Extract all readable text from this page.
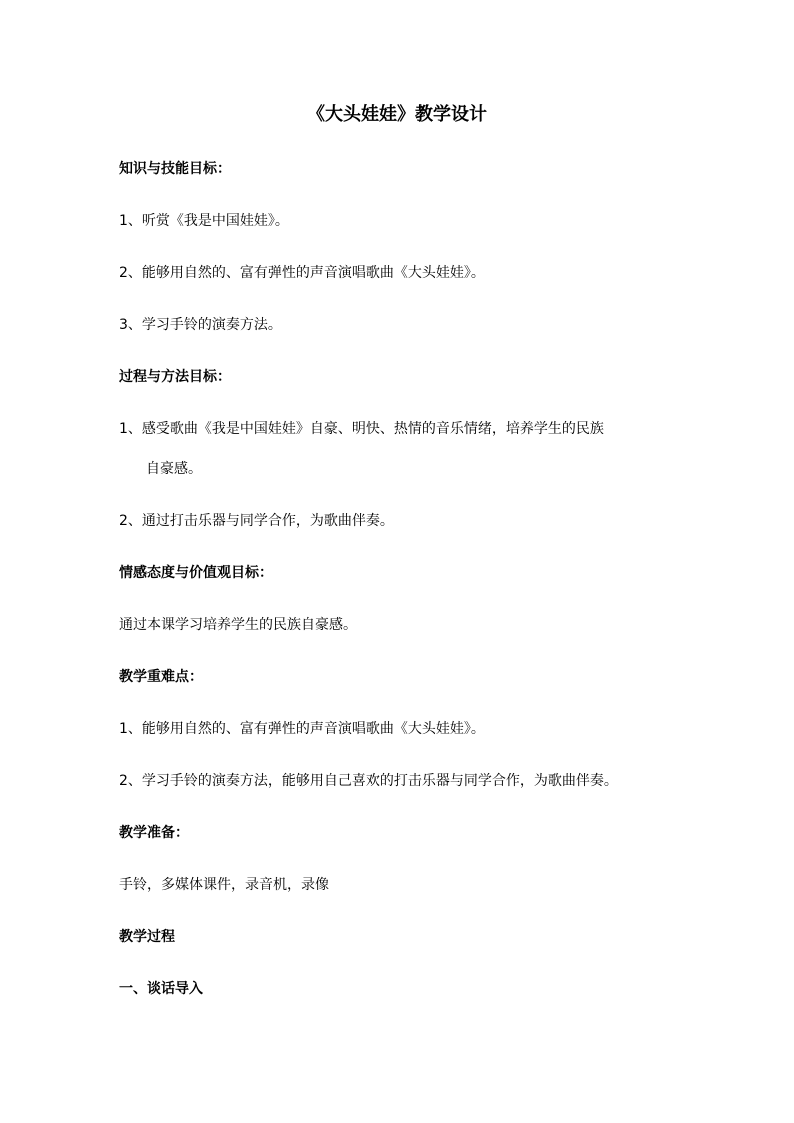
《大头娃娃》教学设计
知识与技能目标：
1、听赏《我是中国娃娃》。
2、能够用自然的、富有弹性的声音演唱歌曲《大头娃娃》。
3、学习手铃的演奏方法。
过程与方法目标：
1、感受歌曲《我是中国娃娃》自豪、明快、热情的音乐情绪，培养学生的民族
自豪感。
2、通过打击乐器与同学合作，为歌曲伴奏。
情感态度与价值观目标：
通过本课学习培养学生的民族自豪感。
教学重难点：
1、能够用自然的、富有弹性的声音演唱歌曲《大头娃娃》。
2、学习手铃的演奏方法，能够用自己喜欢的打击乐器与同学合作，为歌曲伴奏。
教学准备：
手铃，多媒体课件，录音机，录像
教学过程
一、谈话导入
